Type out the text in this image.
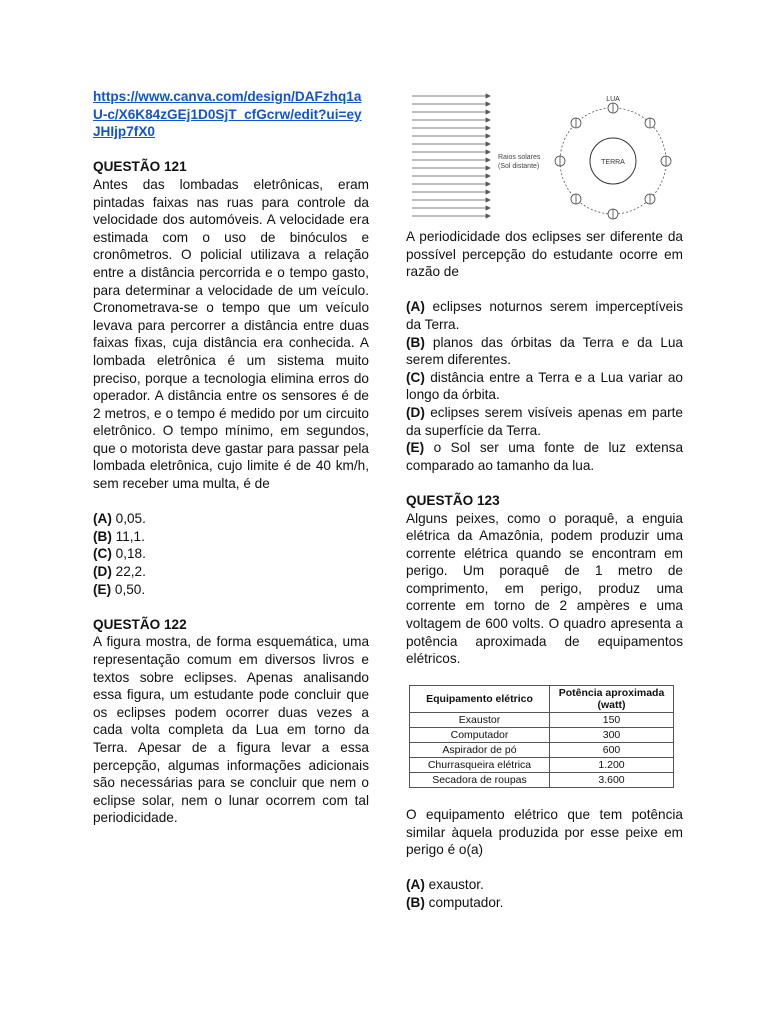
https://www.canva.com/design/DAFzhq1aU-c/X6K84zGEj1D0SjT_cfGcrw/edit?ui=eyJHIjp7fX0

QUESTÃO 121

Antes das lombadas eletrônicas, eram pintadas faixas nas ruas para controle da velocidade dos automóveis. A velocidade era estimada com o uso de binóculos e cronômetros. O policial utilizava a relação entre a distância percorrida e o tempo gasto, para determinar a velocidade de um veículo. Cronometrava-se o tempo que um veículo levava para percorrer a distância entre duas faixas fixas, cuja distância era conhecida. A lombada eletrônica é um sistema muito preciso, porque a tecnologia elimina erros do operador. A distância entre os sensores é de 2 metros, e o tempo é medido por um circuito eletrônico. O tempo mínimo, em segundos, que o motorista deve gastar para passar pela lombada eletrônica, cujo limite é de 40 km/h, sem receber uma multa, é de

(A) 0,05.

(B) 11,1.

(C) 0,18.

(D) 22,2.

(E) 0,50.

QUESTÃO 122

A figura mostra, de forma esquemática, uma representação comum em diversos livros e textos sobre eclipses. Apenas analisando essa figura, um estudante pode concluir que os eclipses podem ocorrer duas vezes a cada volta completa da Lua em torno da Terra. Apesar de a figura levar a essa percepção, algumas informações adicionais são necessárias para se concluir que nem o eclipse solar, nem o lunar ocorrem com tal periodicidade.

Raios solares
(Sol distante)
TERRA
LUA

A periodicidade dos eclipses ser diferente da possível percepção do estudante ocorre em razão de

(A) eclipses noturnos serem imperceptíveis da Terra.

(B) planos das órbitas da Terra e da Lua serem diferentes.

(C) distância entre a Terra e a Lua variar ao longo da órbita.

(D) eclipses serem visíveis apenas em parte da superfície da Terra.

(E) o Sol ser uma fonte de luz extensa comparado ao tamanho da lua.

QUESTÃO 123

Alguns peixes, como o poraquê, a enguia elétrica da Amazônia, podem produzir uma corrente elétrica quando se encontram em perigo. Um poraquê de 1 metro de comprimento, em perigo, produz uma corrente em torno de 2 ampères e uma voltagem de 600 volts. O quadro apresenta a potência aproximada de equipamentos elétricos.

Equipamento elétrico	Potência aproximada (watt)
Exaustor	150
Computador	300
Aspirador de pó	600
Churrasqueira elétrica	1.200
Secadora de roupas	3.600

O equipamento elétrico que tem potência similar àquela produzida por esse peixe em perigo é o(a)

(A) exaustor.

(B) computador.
